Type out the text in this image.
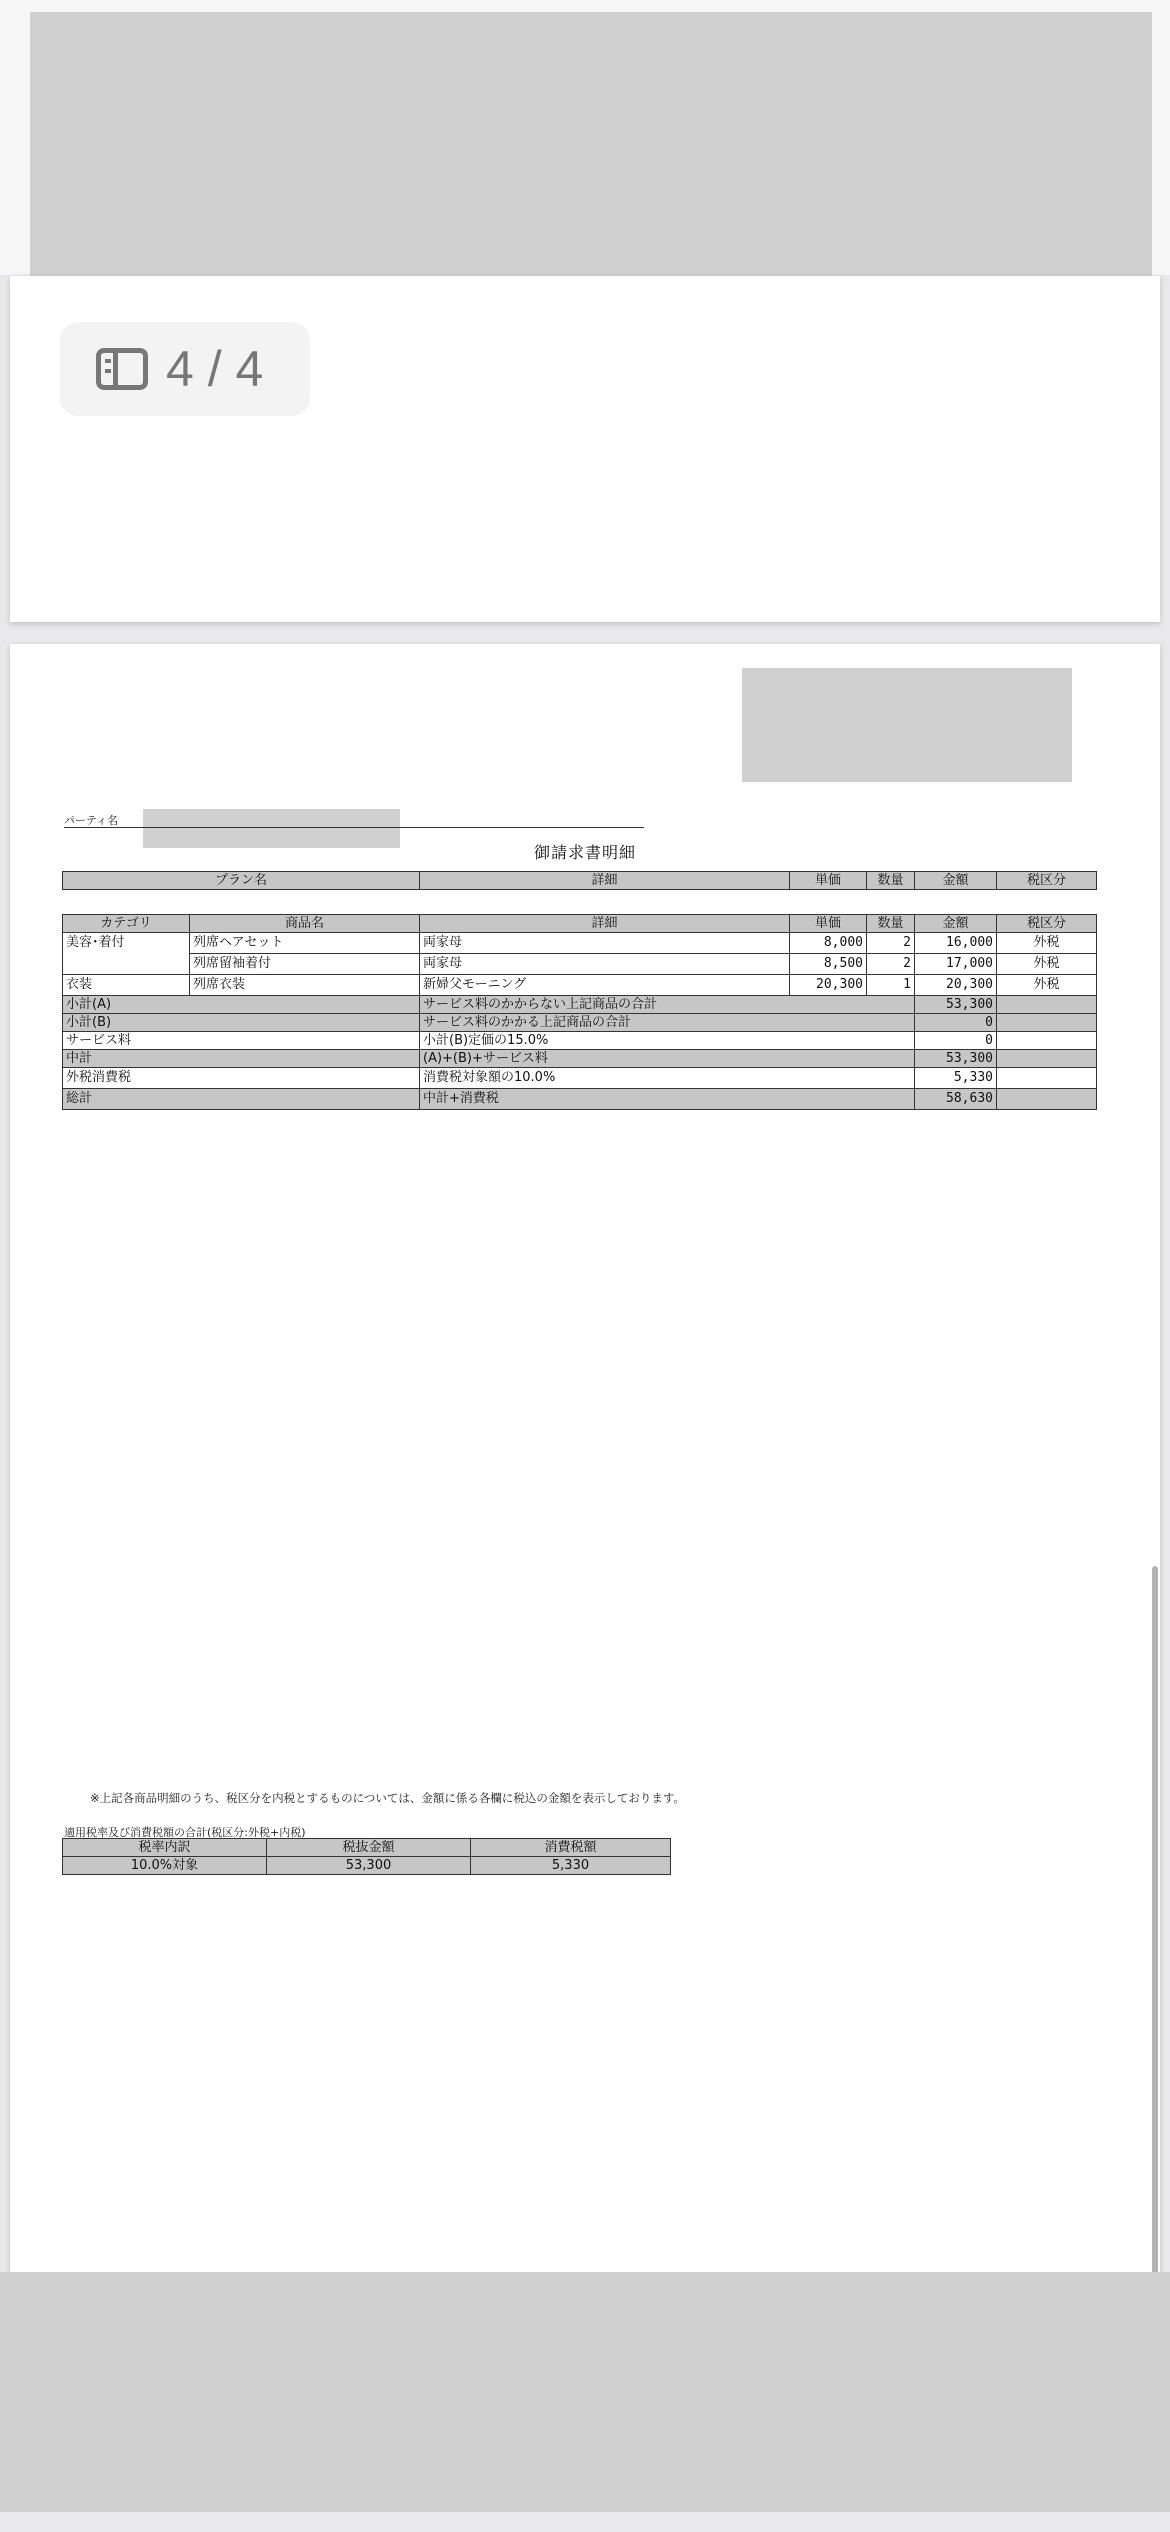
4 / 4
パーティ名
御請求書明細
プラン名	詳細	単価	数量	金額	税区分
カテゴリ	商品名	詳細	単価	数量	金額	税区分
美容･着付	列席ヘアセット	両家母	8,000	2	16,000	外税
	列席留袖着付	両家母	8,500	2	17,000	外税
衣装	列席衣装	新婦父モーニング	20,300	1	20,300	外税
小計(A)		サービス料のかからない上記商品の合計			53,300	
小計(B)		サービス料のかかる上記商品の合計			0	
サービス料		小計(B)定価の15.0%			0	
中計		(A)+(B)+サービス料			53,300	
外税消費税		消費税対象額の10.0%			5,330	
総計		中計+消費税			58,630	
※上記各商品明細のうち、税区分を内税とするものについては、金額に係る各欄に税込の金額を表示しております。
適用税率及び消費税額の合計(税区分:外税+内税)
税率内訳	税抜金額	消費税額
10.0%対象	53,300	5,330
